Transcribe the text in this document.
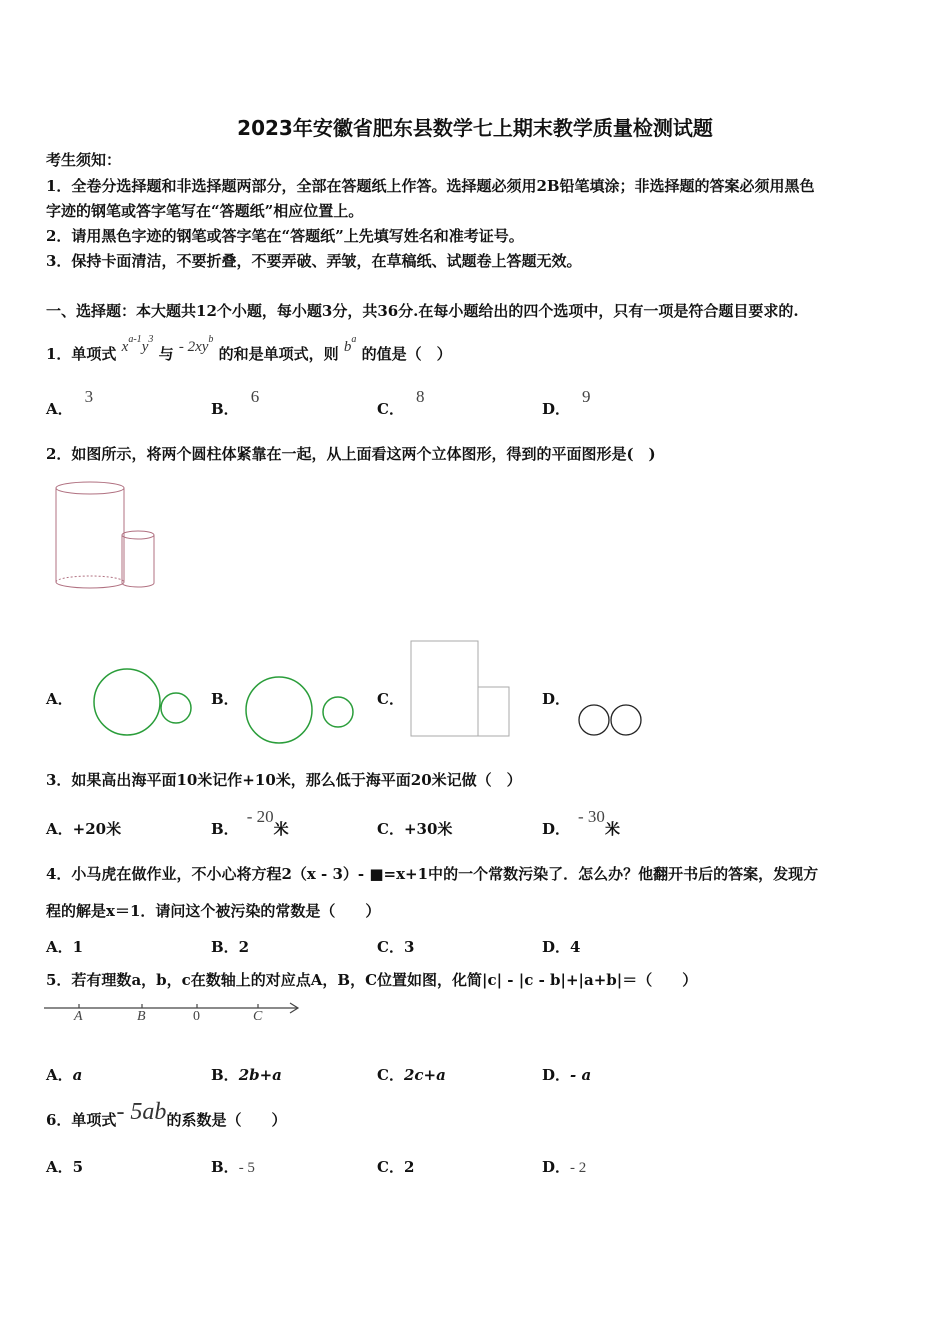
2023年安徽省肥东县数学七上期末教学质量检测试题
考生须知：
1．全卷分选择题和非选择题两部分，全部在答题纸上作答。选择题必须用2B铅笔填涂；非选择题的答案必须用黑色
字迹的钢笔或答字笔写在“答题纸”相应位置上。
2．请用黑色字迹的钢笔或答字笔在“答题纸”上先填写姓名和准考证号。
3．保持卡面清洁，不要折叠，不要弄破、弄皱，在草稿纸、试题卷上答题无效。
一、选择题：本大题共12个小题，每小题3分，共36分.在每小题给出的四个选项中，只有一项是符合题目要求的.
1．单项式 $x^{a-1}y^3$ 与 - $2xy^b$ 的和是单项式，则 $b^a$ 的值是（　）
A．3
B．6
C．8
D．9
2．如图所示，将两个圆柱体紧靠在一起，从上面看这两个立体图形，得到的平面图形是(　)
A．	B．	C．	D．
3．如果高出海平面10米记作+10米，那么低于海平面20米记做（　）
A．+20米	B．- 20米	C．+30米	D．- 30米
4．小马虎在做作业，不小心将方程2（x - 3）- ■=x+1中的一个常数污染了．怎么办？他翻开书后的答案，发现方
程的解是x＝1．请问这个被污染的常数是（　　）
A．1	B．2	C．3	D．4
5．若有理数a，b，c在数轴上的对应点A，B，C位置如图，化简|c| - |c - b|+|a+b|＝（　　）
A	B	0	C
A．a	B．2b+a	C．2c+a	D．- a
6．单项式- 5ab的系数是（　　）
A．5	B．- 5	C．2	D．- 2
